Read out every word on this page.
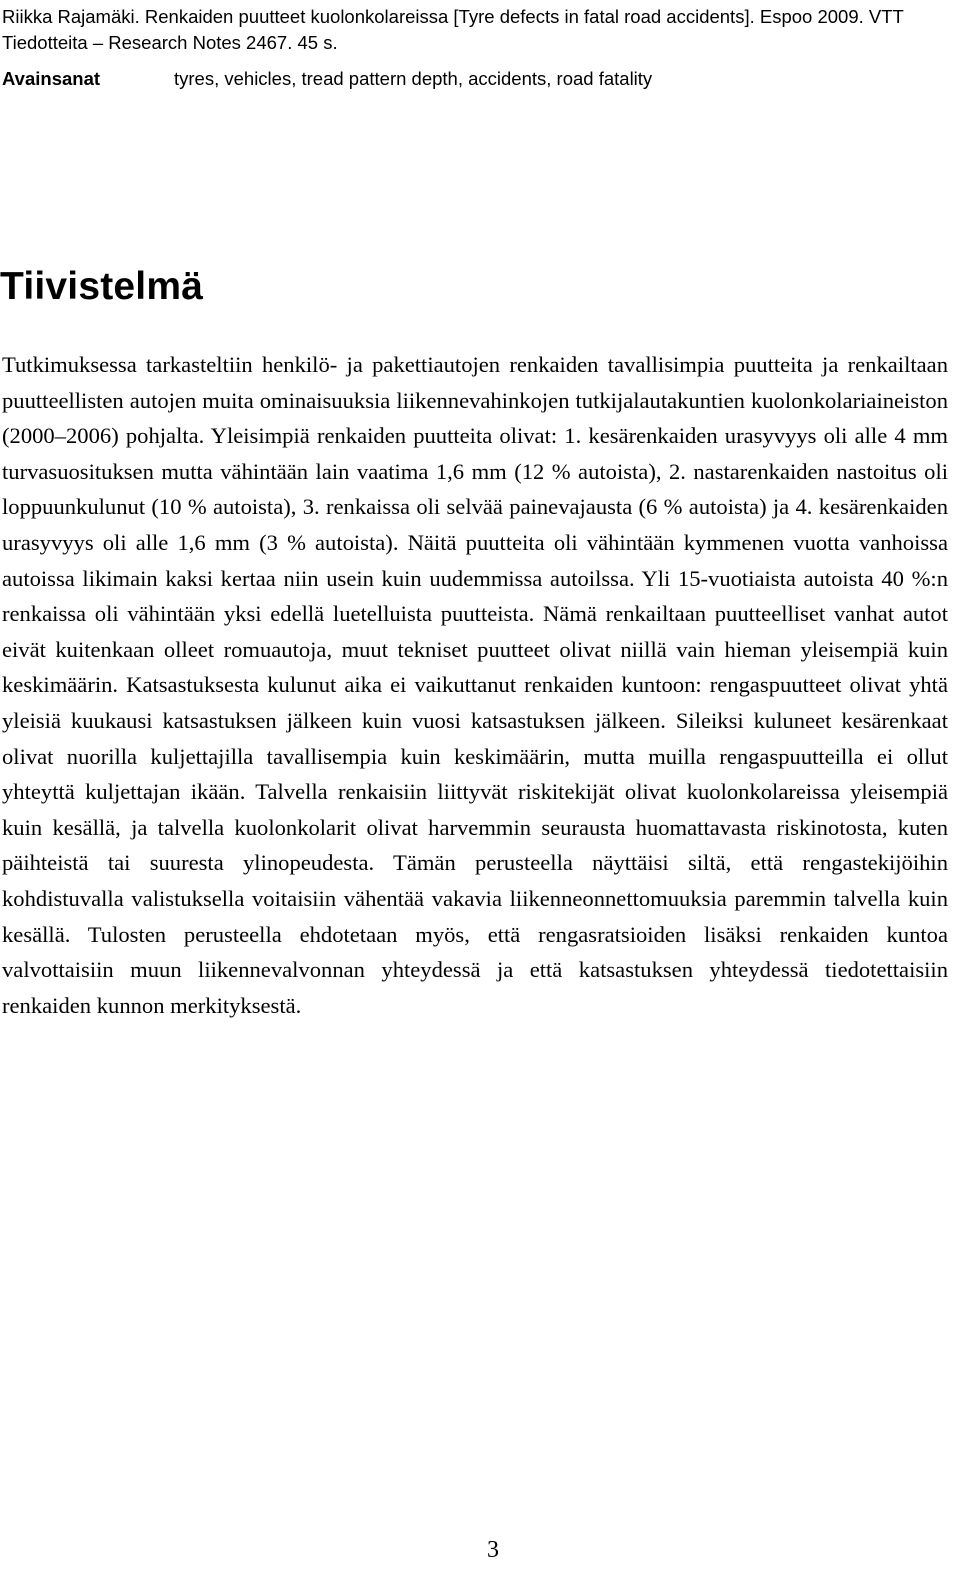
Riikka Rajamäki. Renkaiden puutteet kuolonkolareissa [Tyre defects in fatal road accidents]. Espoo 2009. VTT Tiedotteita – Research Notes 2467. 45 s.
Avainsanat	tyres, vehicles, tread pattern depth, accidents, road fatality
Tiivistelmä

Tutkimuksessa tarkasteltiin henkilö- ja pakettiautojen renkaiden tavallisimpia puutteita ja renkailtaan puutteellisten autojen muita ominaisuuksia liikennevahinkojen tutkijalautakuntien kuolonkolariaineiston (2000–2006) pohjalta. Yleisimpiä renkaiden puutteita olivat: 1. kesärenkaiden urasyvyys oli alle 4 mm turvasuosituksen mutta vähintään lain vaatima 1,6 mm (12 % autoista), 2. nastarenkaiden nastoitus oli loppuunkulunut (10 % autoista), 3. renkaissa oli selvää painevajausta (6 % autoista) ja 4. kesärenkaiden urasyvyys oli alle 1,6 mm (3 % autoista). Näitä puutteita oli vähintään kymmenen vuotta vanhoissa autoissa likimain kaksi kertaa niin usein kuin uudemmissa autoilssa. Yli 15-vuotiaista autoista 40 %:n renkaissa oli vähintään yksi edellä luetelluista puutteista. Nämä renkailtaan puutteelliset vanhat autot eivät kuitenkaan olleet romuautoja, muut tekniset puutteet olivat niillä vain hieman yleisempiä kuin keskimäärin. Katsastuksesta kulunut aika ei vaikuttanut renkaiden kuntoon: rengaspuutteet olivat yhtä yleisiä kuukausi katsastuksen jälkeen kuin vuosi katsastuksen jälkeen. Sileiksi kuluneet kesärenkaat olivat nuorilla kuljettajilla tavallisempia kuin keskimäärin, mutta muilla rengaspuutteilla ei ollut yhteyttä kuljettajan ikään. Talvella renkaisiin liittyvät riskitekijät olivat kuolonkolareissa yleisempiä kuin kesällä, ja talvella kuolonkolarit olivat harvemmin seurausta huomattavasta riskinotosta, kuten päihteistä tai suuresta ylinopeudesta. Tämän perusteella näyttäisi siltä, että rengastekijöihin kohdistuvalla valistuksella voitaisiin vähentää vakavia liikenneonnettomuuksia paremmin talvella kuin kesällä. Tulosten perusteella ehdotetaan myös, että rengasratsioiden lisäksi renkaiden kuntoa valvottaisiin muun liikennevalvonnan yhteydessä ja että katsastuksen yhteydessä tiedotettaisiin renkaiden kunnon merkityksestä.

3
